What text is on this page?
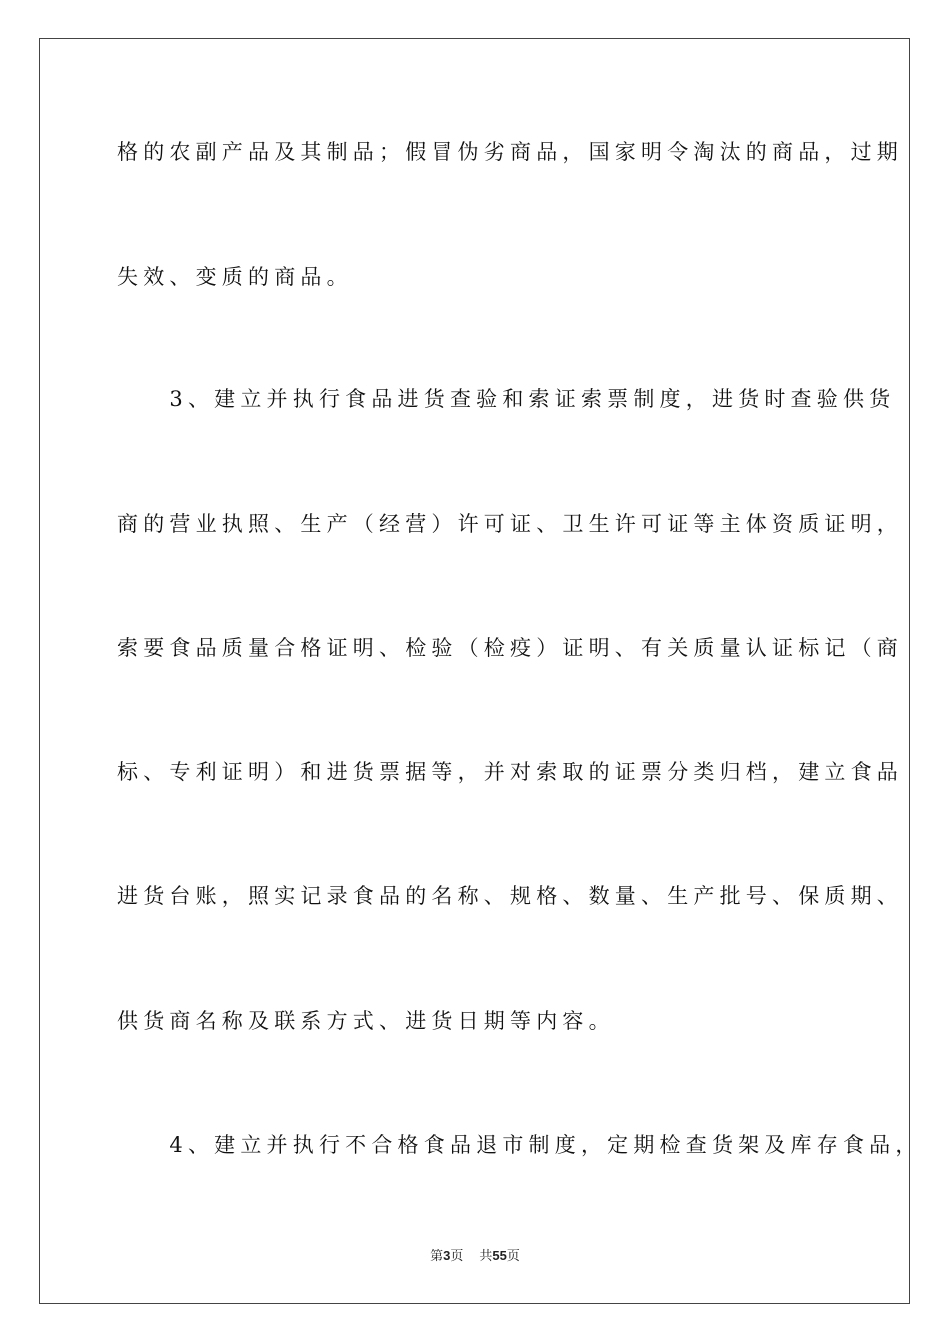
格的农副产品及其制品；假冒伪劣商品，国家明令淘汰的商品，过期
失效、变质的商品。
　　3、建立并执行食品进货查验和索证索票制度，进货时查验供货
商的营业执照、生产（经营）许可证、卫生许可证等主体资质证明，
索要食品质量合格证明、检验（检疫）证明、有关质量认证标记（商
标、专利证明）和进货票据等，并对索取的证票分类归档，建立食品
进货台账，照实记录食品的名称、规格、数量、生产批号、保质期、
供货商名称及联系方式、进货日期等内容。
　　4、建立并执行不合格食品退市制度，定期检查货架及库存食品，
第3页 共55页
